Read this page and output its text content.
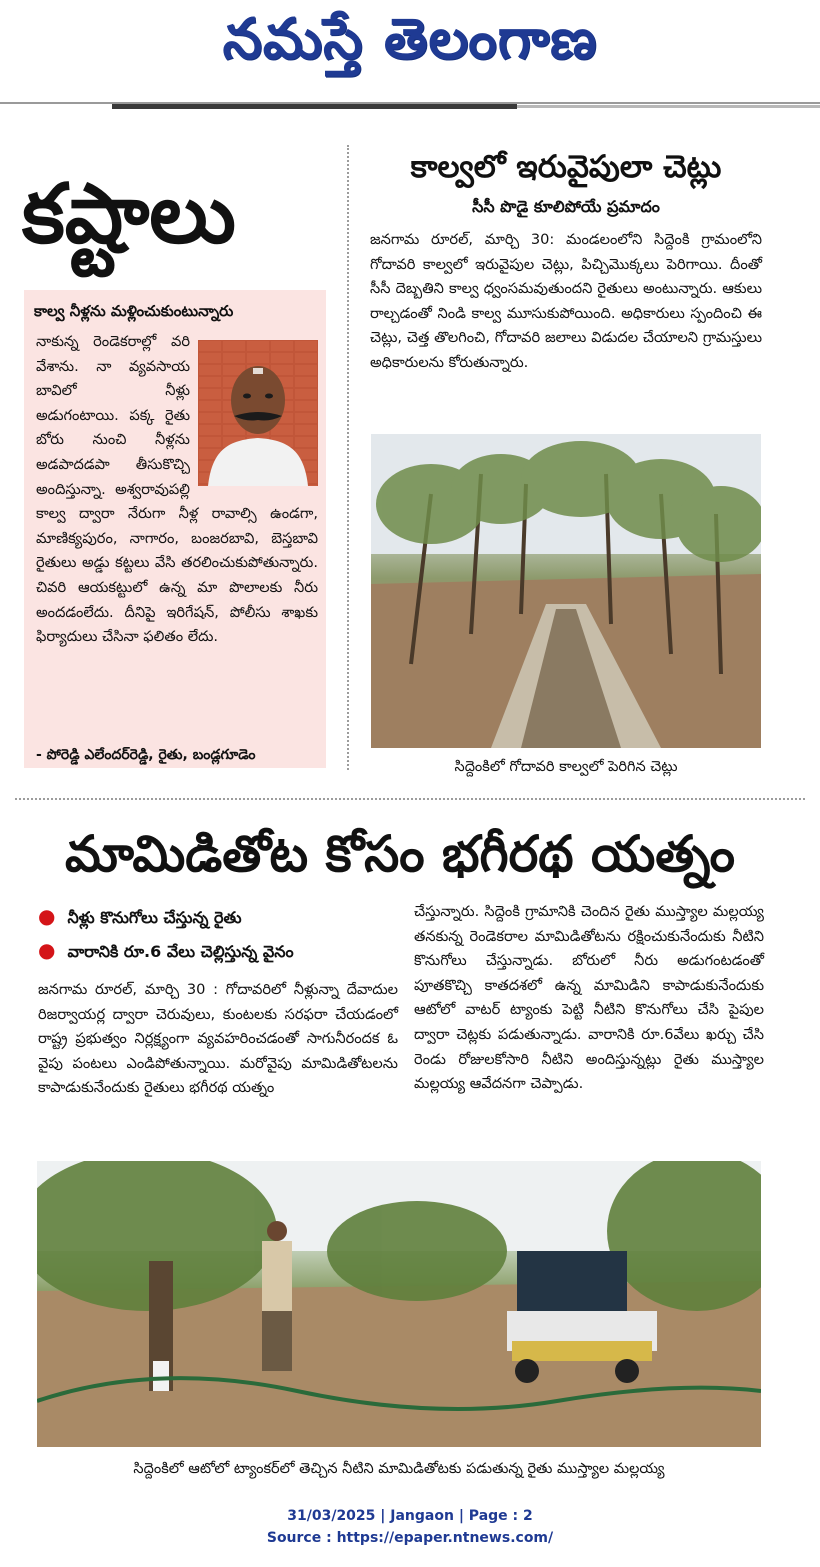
నమస్తే తెలంగాణ
కష్టాలు
కాల్వ నీళ్లను మళ్లించుకుంటున్నారు
నాకున్న రెండెకరాల్లో వరి వేశాను. నా వ్యవసాయ బావిలో నీళ్లు అడుగంటాయి. పక్క రైతు బోరు నుంచి నీళ్లను అడపాదడపా తీసుకొచ్చి అందిస్తున్నా. అశ్వరావుపల్లి కాల్వ ద్వారా నేరుగా నీళ్ల రావాల్సి ఉండగా, మాణిక్యపురం, నాగారం, బంజరబావి, బెస్తబావి రైతులు అడ్డు కట్టలు వేసి తరలించుకుపోతున్నారు. చివరి ఆయకట్టులో ఉన్న మా పొలాలకు నీరు అందడంలేదు. దీనిపై ఇరిగేషన్, పోలీసు శాఖకు ఫిర్యాదులు చేసినా ఫలితం లేదు.
- పోరెడ్డి ఎలేందర్‌రెడ్డి, రైతు, బండ్లగూడెం
కాల్వలో ఇరువైపులా చెట్లు
సీసీ పొడై కూలిపోయే ప్రమాదం
జనగామ రూరల్, మార్చి 30: మండలంలోని సిద్దెంకి గ్రామంలోని గోదావరి కాల్వలో ఇరువైపుల చెట్లు, పిచ్చిమొక్కలు పెరిగాయి. దీంతో సీసీ దెబ్బతిని కాల్వ ధ్వంసమవుతుందని రైతులు అంటున్నారు. ఆకులు రాల్చడంతో నిండి కాల్వ మూసుకుపోయింది. అధికారులు స్పందించి ఈ చెట్లు, చెత్త తొలగించి, గోదావరి జలాలు విడుదల చేయాలని గ్రామస్తులు అధికారులను కోరుతున్నారు.
సిద్దెంకిలో గోదావరి కాల్వలో పెరిగిన చెట్లు
మామిడితోట కోసం భగీరథ యత్నం
● నీళ్లు కొనుగోలు చేస్తున్న రైతు
● వారానికి రూ.6 వేలు చెల్లిస్తున్న వైనం
జనగామ రూరల్, మార్చి 30 : గోదావరిలో నీళ్లున్నా దేవాదుల రిజర్వాయర్ల ద్వారా చెరువులు, కుంటలకు సరఫరా చేయడంలో రాష్ట్ర ప్రభుత్వం నిర్లక్ష్యంగా వ్యవహరించడంతో సాగునీరందక ఓ వైపు పంటలు ఎండిపోతున్నాయి. మరోవైపు మామిడితోటలను కాపాడుకునేందుకు రైతులు భగీరథ యత్నం
చేస్తున్నారు. సిద్దెంకి గ్రామానికి చెందిన రైతు ముస్త్యాల మల్లయ్య తనకున్న రెండెకరాల మామిడితోటను రక్షించుకునేందుకు నీటిని కొనుగోలు చేస్తున్నాడు. బోరులో నీరు అడుగంటడంతో పూతకొచ్చి కాతదశలో ఉన్న మామిడిని కాపాడుకునేందుకు ఆటోలో వాటర్ ట్యాంకు పెట్టి నీటిని కొనుగోలు చేసి పైపుల ద్వారా చెట్లకు పడుతున్నాడు. వారానికి రూ.6వేలు ఖర్చు చేసి రెండు రోజులకోసారి నీటిని అందిస్తున్నట్లు రైతు ముస్త్యాల మల్లయ్య ఆవేదనగా చెప్పాడు.
సిద్దెంకిలో ఆటోలో ట్యాంకర్‌లో తెచ్చిన నీటిని మామిడితోటకు పడుతున్న రైతు ముస్త్యాల మల్లయ్య
31/03/2025 | Jangaon | Page : 2
Source : https://epaper.ntnews.com/
